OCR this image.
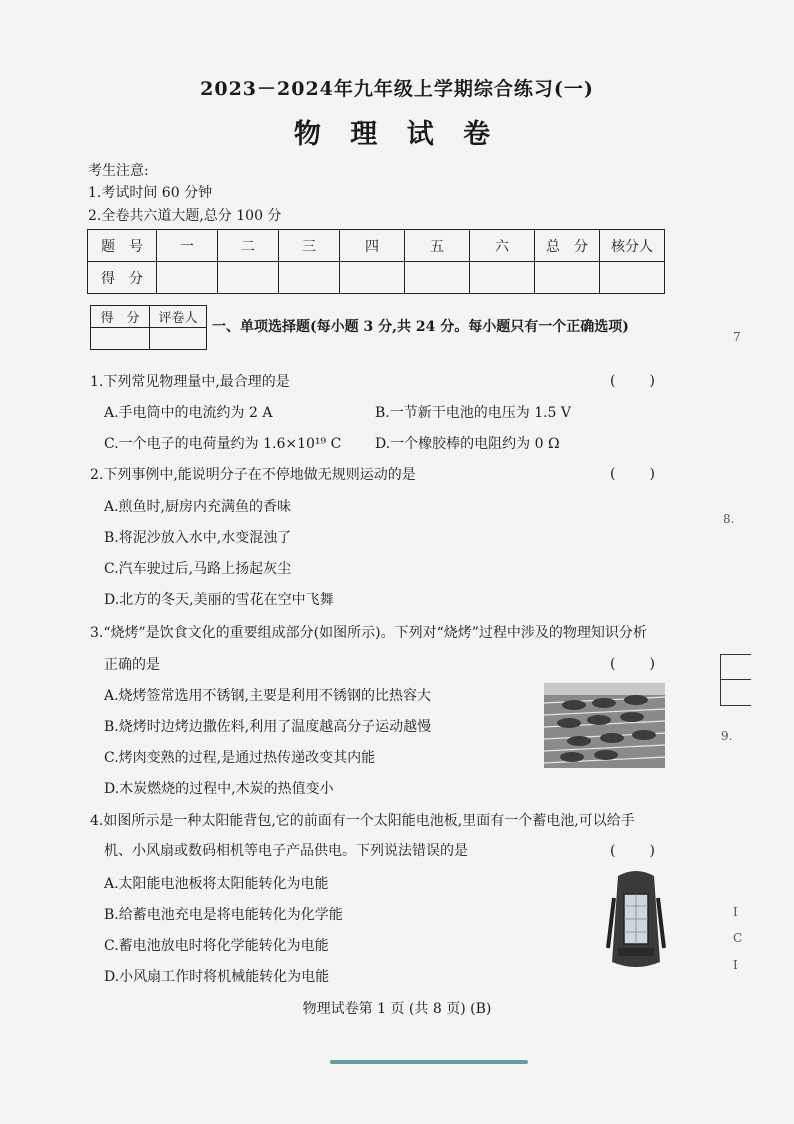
2023－2024年九年级上学期综合练习(一)
物 理 试 卷
考生注意:
1.考试时间 60 分钟
2.全卷共六道大题,总分 100 分
题　号	一	二	三	四	五	六	总　分	核分人
得　分								
得　分	评卷人

一、单项选择题(每小题 3 分,共 24 分。每小题只有一个正确选项)
1.下列常见物理量中,最合理的是	(　　)
A.手电筒中的电流约为 2 A	B.一节新干电池的电压为 1.5 V
C.一个电子的电荷量约为 1.6×10¹⁹ C D.一个橡胶棒的电阻约为 0 Ω
2.下列事例中,能说明分子在不停地做无规则运动的是	(　　)
A.煎鱼时,厨房内充满鱼的香味
B.将泥沙放入水中,水变混浊了
C.汽车驶过后,马路上扬起灰尘
D.北方的冬天,美丽的雪花在空中飞舞
3.“烧烤”是饮食文化的重要组成部分(如图所示)。下列对“烧烤”过程中涉及的物理知识分析
正确的是	(　　)
A.烧烤签常选用不锈钢,主要是利用不锈钢的比热容大
B.烧烤时边烤边撒佐料,利用了温度越高分子运动越慢
C.烤肉变熟的过程,是通过热传递改变其内能
D.木炭燃烧的过程中,木炭的热值变小
4.如图所示是一种太阳能背包,它的前面有一个太阳能电池板,里面有一个蓄电池,可以给手
机、小风扇或数码相机等电子产品供电。下列说法错误的是	(　　)
A.太阳能电池板将太阳能转化为电能
B.给蓄电池充电是将电能转化为化学能
C.蓄电池放电时将化学能转化为电能
D.小风扇工作时将机械能转化为电能
物理试卷第 1 页 (共 8 页) (B)
7
8.
9.
I
C
I
